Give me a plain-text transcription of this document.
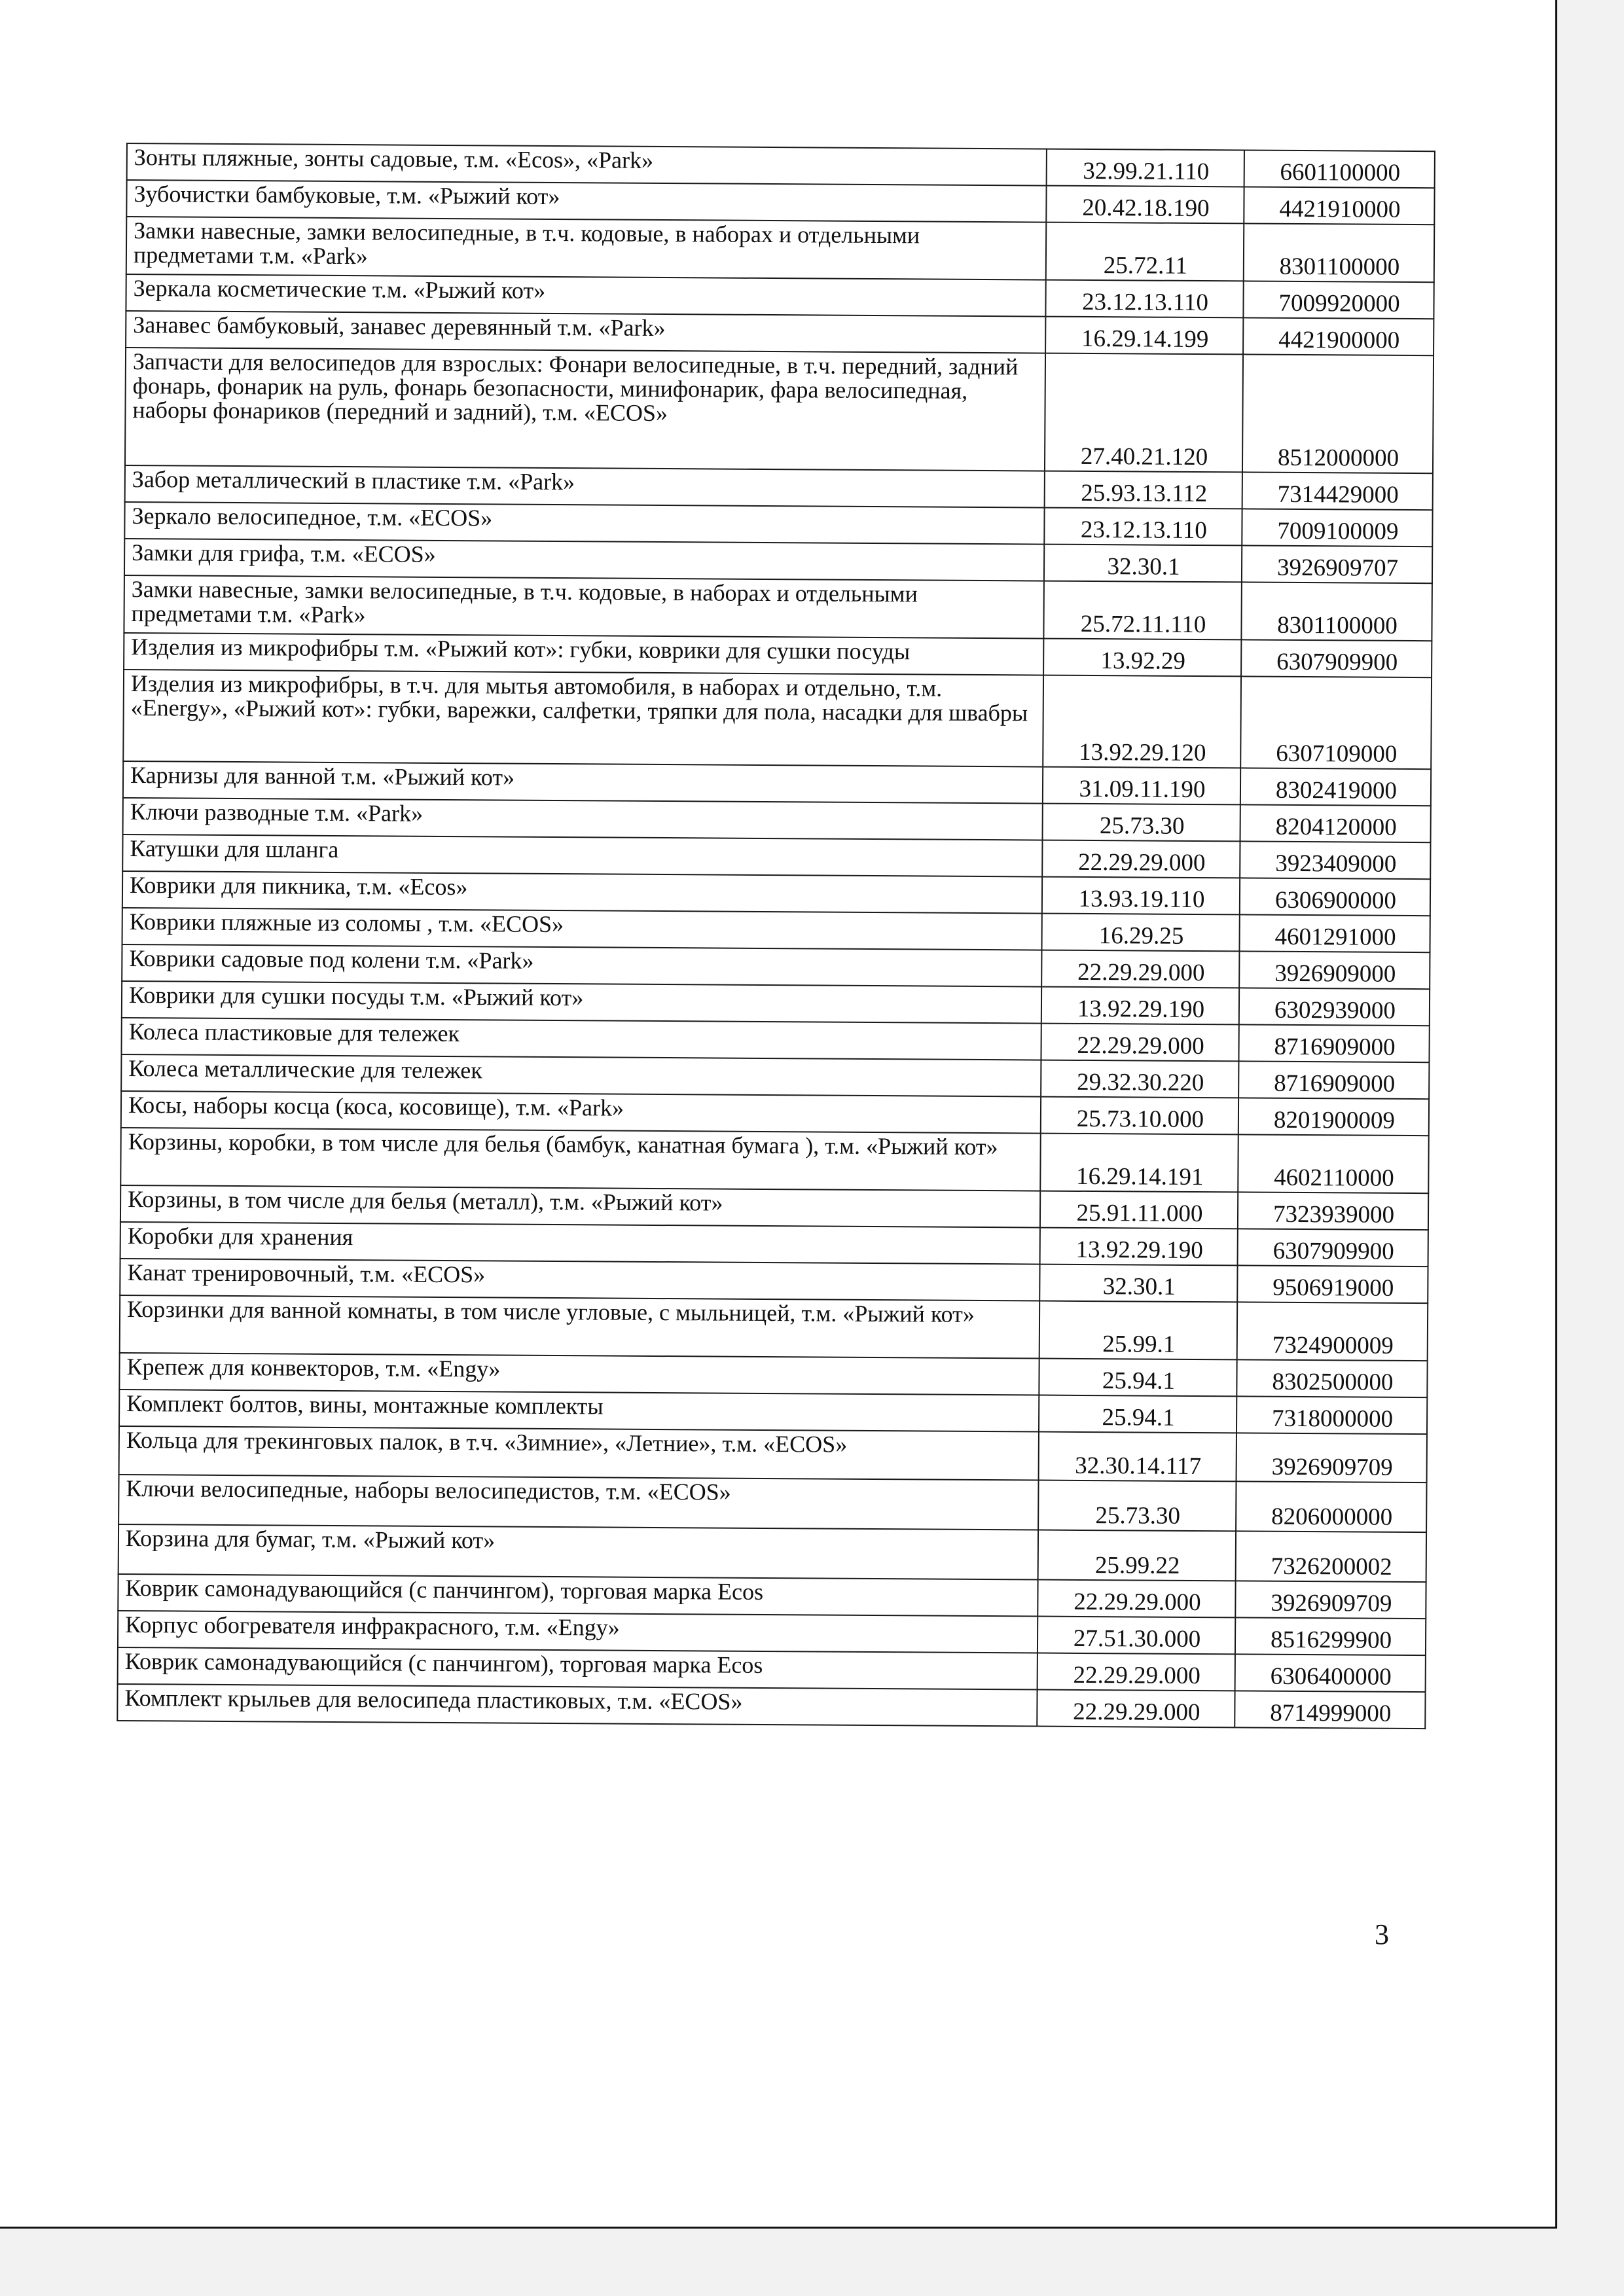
Зонты пляжные, зонты садовые, т.м. «Ecos», «Park»	32.99.21.110	6601100000
Зубочистки бамбуковые, т.м. «Рыжий кот»	20.42.18.190	4421910000
Замки навесные, замки велосипедные, в т.ч. кодовые, в наборах и отдельными предметами т.м. «Park»	25.72.11	8301100000
Зеркала косметические т.м. «Рыжий кот»	23.12.13.110	7009920000
Занавес бамбуковый, занавес деревянный т.м. «Park»	16.29.14.199	4421900000
Запчасти для велосипедов для взрослых: Фонари велосипедные, в т.ч. передний, задний фонарь, фонарик на руль, фонарь безопасности, минифонарик, фара велосипедная, наборы фонариков (передний и задний), т.м. «ECOS»	27.40.21.120	8512000000
Забор металлический в пластике т.м. «Park»	25.93.13.112	7314429000
Зеркало велосипедное, т.м. «ECOS»	23.12.13.110	7009100009
Замки для грифа, т.м. «ECOS»	32.30.1	3926909707
Замки навесные, замки велосипедные, в т.ч. кодовые, в наборах и отдельными предметами т.м. «Park»	25.72.11.110	8301100000
Изделия из микрофибры т.м. «Рыжий кот»: губки, коврики для сушки посуды	13.92.29	6307909900
Изделия из микрофибры, в т.ч. для мытья автомобиля, в наборах и отдельно, т.м. «Energy», «Рыжий кот»: губки, варежки, салфетки, тряпки для пола, насадки для швабры	13.92.29.120	6307109000
Карнизы для ванной т.м. «Рыжий кот»	31.09.11.190	8302419000
Ключи разводные т.м. «Park»	25.73.30	8204120000
Катушки для шланга	22.29.29.000	3923409000
Коврики для пикника, т.м. «Ecos»	13.93.19.110	6306900000
Коврики пляжные из соломы , т.м. «ECOS»	16.29.25	4601291000
Коврики садовые под колени т.м. «Park»	22.29.29.000	3926909000
Коврики для сушки посуды т.м. «Рыжий кот»	13.92.29.190	6302939000
Колеса пластиковые для тележек	22.29.29.000	8716909000
Колеса металлические для тележек	29.32.30.220	8716909000
Косы, наборы косца (коса, косовище), т.м. «Park»	25.73.10.000	8201900009
Корзины, коробки, в том числе для белья (бамбук, канатная бумага ), т.м. «Рыжий кот»	16.29.14.191	4602110000
Корзины, в том числе для белья (металл), т.м. «Рыжий кот»	25.91.11.000	7323939000
Коробки для хранения	13.92.29.190	6307909900
Канат тренировочный, т.м. «ECOS»	32.30.1	9506919000
Корзинки для ванной комнаты, в том числе угловые, с мыльницей, т.м. «Рыжий кот»	25.99.1	7324900009
Крепеж для конвекторов, т.м. «Engy»	25.94.1	8302500000
Комплект болтов, вины, монтажные комплекты	25.94.1	7318000000
Кольца для трекинговых палок, в т.ч. «Зимние», «Летние», т.м. «ECOS»	32.30.14.117	3926909709
Ключи велосипедные, наборы велосипедистов, т.м. «ECOS»	25.73.30	8206000000
Корзина для бумаг, т.м. «Рыжий кот»	25.99.22	7326200002
Коврик самонадувающийся (с панчингом), торговая марка Ecos	22.29.29.000	3926909709
Корпус обогревателя инфракрасного, т.м. «Engy»	27.51.30.000	8516299900
Коврик самонадувающийся (с панчингом), торговая марка Ecos	22.29.29.000	6306400000
Комплект крыльев для велосипеда пластиковых, т.м. «ECOS»	22.29.29.000	8714999000
3
